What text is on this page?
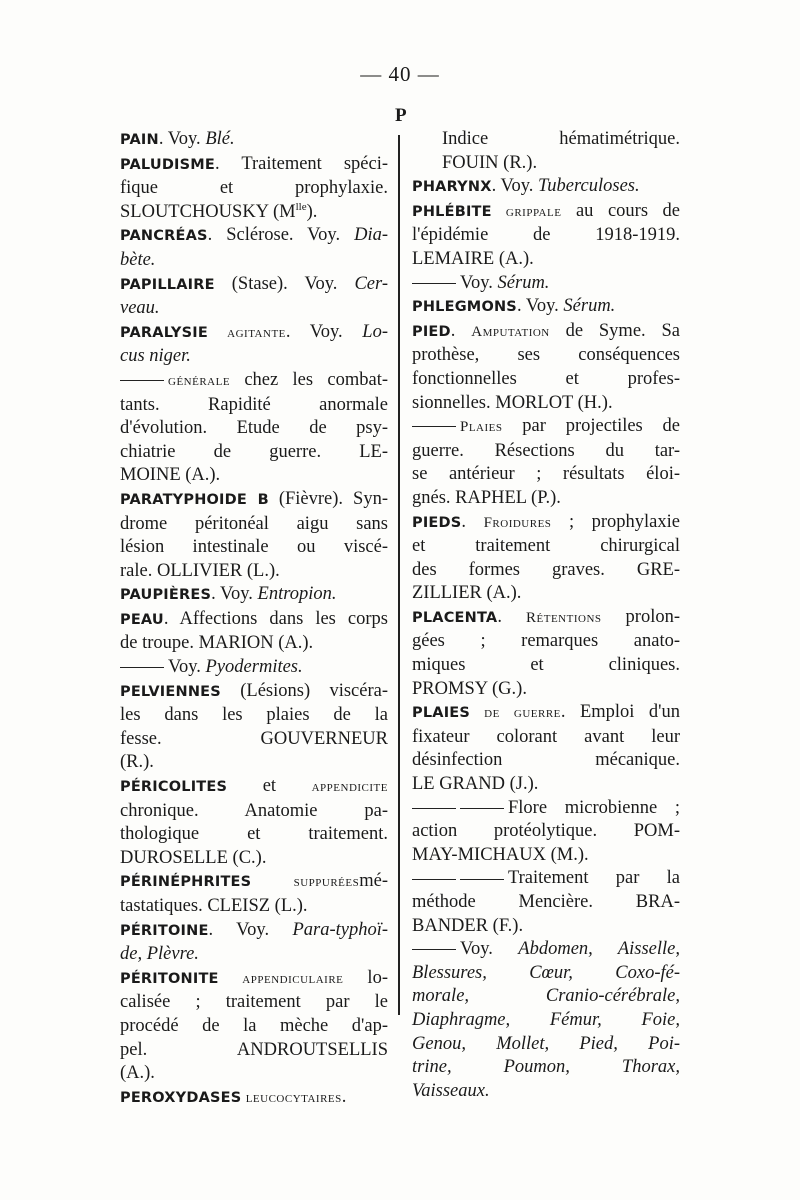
— 40 —
P
PAIN. Voy. Blé.
PALUDISME. Traitement spéci-
fique et prophylaxie.
SLOUTCHOUSKY $(M^{lle})$.
PANCRÉAS. Sclérose. Voy. Dia-
bète.
PAPILLAIRE (Stase). Voy. Cer-
veau.
PARALYSIE agitante. Voy. Lo-
cus niger.
générale chez les combat-
tants. Rapidité anormale
d'évolution. Etude de psy-
chiatrie de guerre. LE-
MOINE (A.).
PARATYPHOIDE B (Fièvre). Syn-
drome péritonéal aigu sans
lésion intestinale ou viscé-
rale. OLLIVIER (L.).
PAUPIÈRES. Voy. Entropion.
PEAU. Affections dans les corps
de troupe. MARION (A.).
Voy. Pyodermites.
PELVIENNES (Lésions) viscéra-
les dans les plaies de la
fesse. GOUVERNEUR
(R.).
PÉRICOLITES et appendicite
chronique. Anatomie pa-
thologique et traitement.
DUROSELLE (C.).
PÉRINÉPHRITES suppuréesmé-
tastatiques. CLEISZ (L.).
PÉRITOINE. Voy. Para-typhoï-
de, Plèvre.
PÉRITONITE appendiculaire lo-
calisée ; traitement par le
procédé de la mèche d'ap-
pel. ANDROUTSELLIS
(A.).
PEROXYDASES leucocytaires.
Indice hématimétrique.
FOUIN (R.).
PHARYNX. Voy. Tuberculoses.
PHLÉBITE grippale au cours de
l'épidémie de 1918-1919.
LEMAIRE (A.).
Voy. Sérum.
PHLEGMONS. Voy. Sérum.
PIED. Amputation de Syme. Sa
prothèse, ses conséquences
fonctionnelles et profes-
sionnelles. MORLOT (H.).
Plaies par projectiles de
guerre. Résections du tar-
se antérieur ; résultats éloi-
gnés. RAPHEL (P.).
PIEDS. Froidures ; prophylaxie
et traitement chirurgical
des formes graves. GRE-
ZILLIER (A.).
PLACENTA. Rétentions prolon-
gées ; remarques anato-
miques et cliniques.
PROMSY (G.).
PLAIES de guerre. Emploi d'un
fixateur colorant avant leur
désinfection mécanique.
LE GRAND (J.).
Flore microbienne ;
action protéolytique. POM-
MAY-MICHAUX (M.).
Traitement par la
méthode Mencière. BRA-
BANDER (F.).
Voy. Abdomen, Aisselle,
Blessures, Cœur, Coxo-fé-
morale, Cranio-cérébrale,
Diaphragme, Fémur, Foie,
Genou, Mollet, Pied, Poi-
trine, Poumon, Thorax,
Vaisseaux.
